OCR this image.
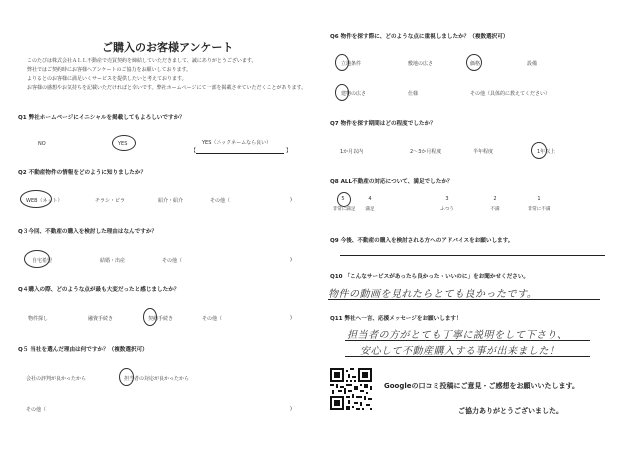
ご購入のお客様アンケート
このたびは株式会社ＡＬＬ不動産で売買契約を締結していただきまして、誠にありがとうございます。
弊社ではご契約時にお客様へアンケートのご協力をお願いしております。
よりるとのお客様に満足いくサービスを提供したいと考えております。
お客様の感想やお気持ちを記載いただければと幸いです。弊社ホームページにて一部を掲載させていただくことがあります。
Q1 弊社ホームページにイニシャルを掲載してもよろしいですか？
NO	YES	YES（ニックネームなら良い）
【	】
Q2 不動産物件の情報をどのように知りましたか？
WEB（ネット）	チラシ・ビラ	紹介・紹介	その他（	)
Q３今回、不動産の購入を検討した理由はなんですか？
自宅希望	結婚・出産	その他（	)
Q４購入の際、どのような点が最も大変だったと感じましたか？
物件探し	融資手続き	契約手続き	その他（	)
Q５ 当社を選んだ理由は何ですか？（複数選択可）
会社の評判が良かったから	担当者の対応が良かったから
その他（	)
Q6 物件を探す際に、どのような点に重視しましたか？（複数選択可）
立地条件	敷地の広さ	価格	設備
建物の広さ	仕様	その他（具体的に教えてください）
Q7 物件を探す期間はどの程度でしたか？
1か月以内	2〜3か月程度	半年程度	1年以上
Q8 ALL不動産の対応について、満足でしたか？
5	4	3	2	1
非常に満足	満足	ふつう	不満	非常に不満
Q9 今後、不動産の購入を検討される方へのアドバイスをお願いします。
Q10 「こんなサービスがあったら良かった・いいのに」をお聞かせください。
物件の動画を見れたらとても良かったです。
Q11 弊社へ一言、応援メッセージをお願いします！
担当者の方がとても丁寧に説明をして下さり、
安心して不動産購入する事が出来ました！
Googleの口コミ投稿にご意見・ご感想をお願いいたします。
ご協力ありがとうございました。
